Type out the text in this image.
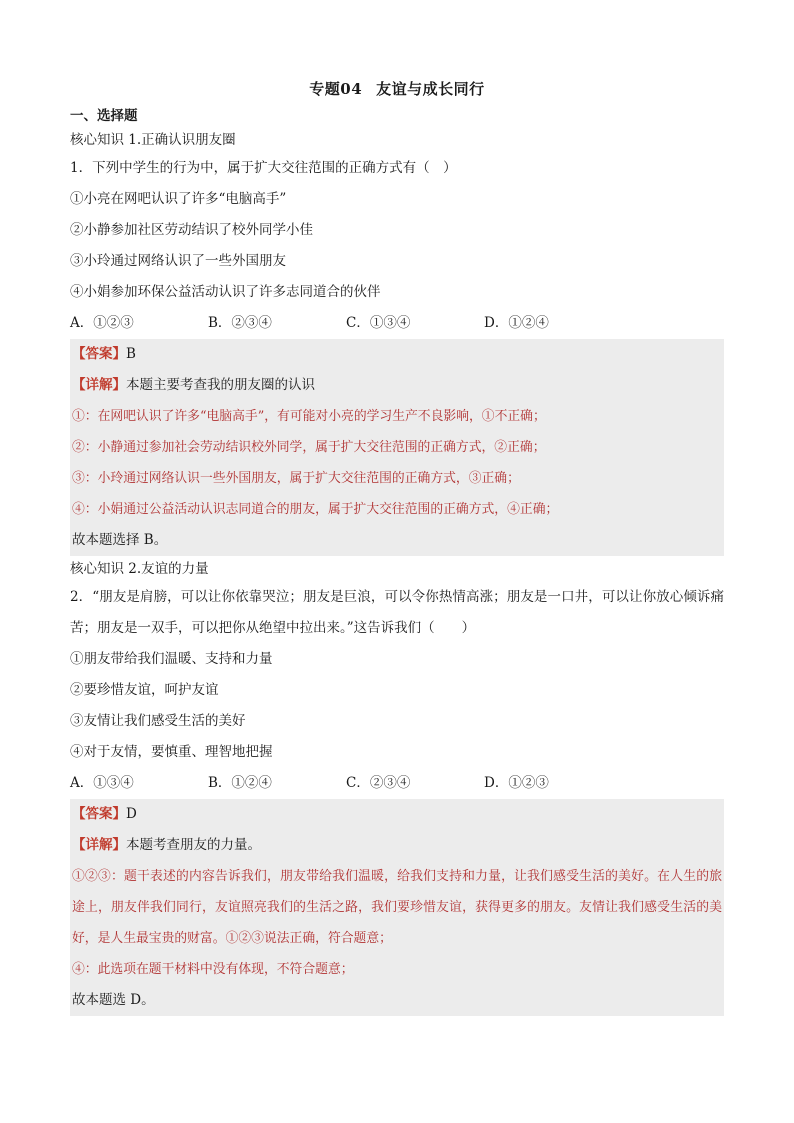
专题04 友谊与成长同行
一、选择题
核心知识 1.正确认识朋友圈
1．下列中学生的行为中，属于扩大交往范围的正确方式有（　）
①小亮在网吧认识了许多“电脑高手”
②小静参加社区劳动结识了校外同学小佳
③小玲通过网络认识了一些外国朋友
④小娟参加环保公益活动认识了许多志同道合的伙伴
A．①②③	B．②③④	C．①③④	D．①②④
【答案】B
【详解】本题主要考查我的朋友圈的认识
①：在网吧认识了许多“电脑高手”，有可能对小亮的学习生产不良影响，①不正确；
②：小静通过参加社会劳动结识校外同学，属于扩大交往范围的正确方式，②正确；
③：小玲通过网络认识一些外国朋友，属于扩大交往范围的正确方式，③正确；
④：小娟通过公益活动认识志同道合的朋友，属于扩大交往范围的正确方式，④正确；
故本题选择 B。
核心知识 2.友谊的力量
2．“朋友是肩膀，可以让你依靠哭泣；朋友是巨浪，可以令你热情高涨；朋友是一口井，可以让你放心倾诉痛苦；朋友是一双手，可以把你从绝望中拉出来。”这告诉我们（　　）
①朋友带给我们温暖、支持和力量
②要珍惜友谊，呵护友谊
③友情让我们感受生活的美好
④对于友情，要慎重、理智地把握
A．①③④	B．①②④	C．②③④	D．①②③
【答案】D
【详解】本题考查朋友的力量。
①②③：题干表述的内容告诉我们，朋友带给我们温暖，给我们支持和力量，让我们感受生活的美好。在人生的旅途上，朋友伴我们同行，友谊照亮我们的生活之路，我们要珍惜友谊，获得更多的朋友。友情让我们感受生活的美好，是人生最宝贵的财富。①②③说法正确，符合题意；
④：此选项在题干材料中没有体现，不符合题意；
故本题选 D。
